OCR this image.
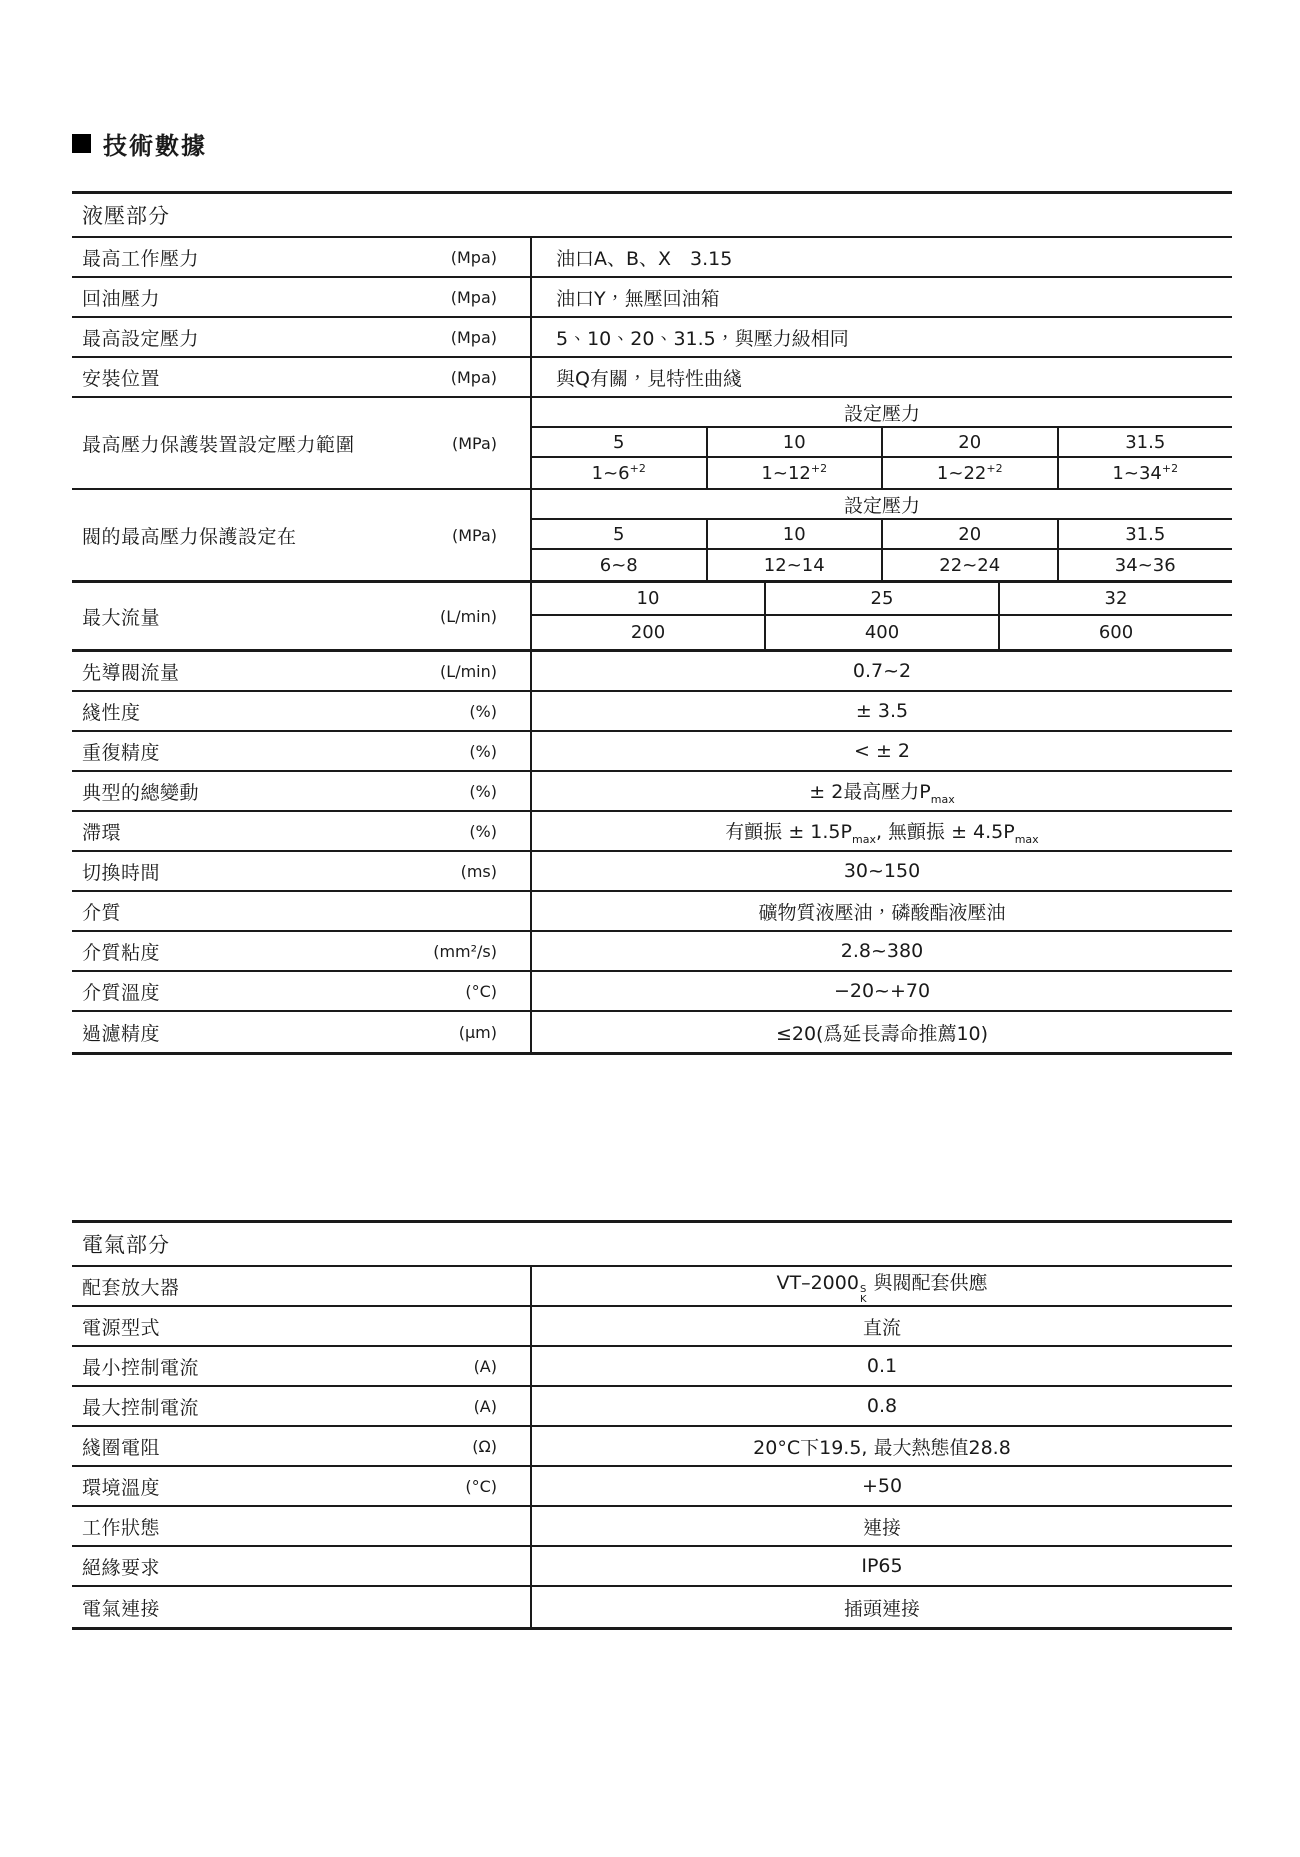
技術數據
液壓部分
最高工作壓力	(Mpa)	油口A、B、X　3.15
回油壓力	(Mpa)	油口Y，無壓回油箱
最高設定壓力	(Mpa)	5、10、20、31.5，與壓力級相同
安裝位置	(Mpa)	與Q有關，見特性曲綫
最高壓力保護裝置設定壓力範圍	(MPa)
設定壓力
5	10	20	31.5
$1\sim 6^{+2}$	$1\sim 12^{+2}$	$1\sim 22^{+2}$	$1\sim 34^{+2}$
閥的最高壓力保護設定在	(MPa)
設定壓力
5	10	20	31.5
6~8	12~14	22~24	34~36
最大流量	(L/min)
10	25	32
200	400	600
先導閥流量	(L/min)	0.7~2
綫性度	(%)	± 3.5
重復精度	(%)	< ± 2
典型的總變動	(%)	± 2最高壓力$P_{max}$
滯環	(%)	有顫振 ± $1.5P_{max}$, 無顫振 ± $4.5P_{max}$
切換時間	(ms)	30~150
介質	礦物質液壓油，磷酸酯液壓油
介質粘度	(mm²/s)	2.8~380
介質溫度	(°C)	−20~+70
過濾精度	(μm)	≤20(爲延長壽命推薦10)
電氣部分
配套放大器	VT–2000 S
K
與閥配套供應
電源型式	直流
最小控制電流	(A)	0.1
最大控制電流	(A)	0.8
綫圈電阻	(Ω)	20°C下19.5, 最大熱態值28.8
環境溫度	(°C)	+50
工作狀態	連接
絕緣要求	IP65
電氣連接	插頭連接
